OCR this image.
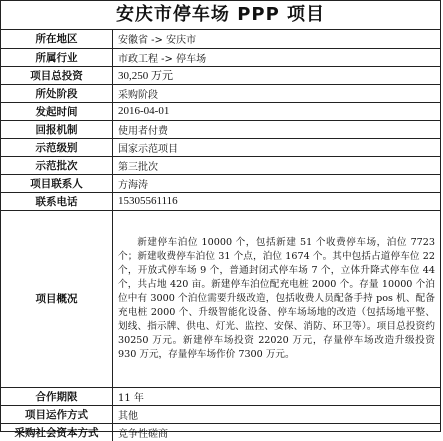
安庆市停车场 PPP 项目
所在地区	安徽省 -> 安庆市
所属行业	市政工程 -> 停车场
项目总投资	30,250 万元
所处阶段	采购阶段
发起时间	2016-04-01
回报机制	使用者付费
示范级别	国家示范项目
示范批次	第三批次
项目联系人	方海涛
联系电话	15305561116
项目概况	新建停车泊位 10000 个，包括新建 51 个收费停车场，泊位 7723 个；新建收费停车泊位 31 个点，泊位 1674 个。其中包括占道停车位 22 个，开放式停车场 9 个，普通封闭式停车场 7 个，立体升降式停车位 44 个，共占地 420 亩。新建停车泊位配充电桩 2000 个。存量 10000 个泊位中有 3000 个泊位需要升级改造，包括收费人员配备手持 pos 机、配备充电桩 2000 个、升级智能化设备、停车场场地的改造（包括场地平整、划线、指示牌、供电、灯光、监控、安保、消防、环卫等）。项目总投资约 30250 万元。新建停车场投资 22020 万元，存量停车场改造升级投资 930 万元，存量停车场作价 7300 万元。
合作期限	11 年
项目运作方式	其他
采购社会资本方式	竞争性磋商
